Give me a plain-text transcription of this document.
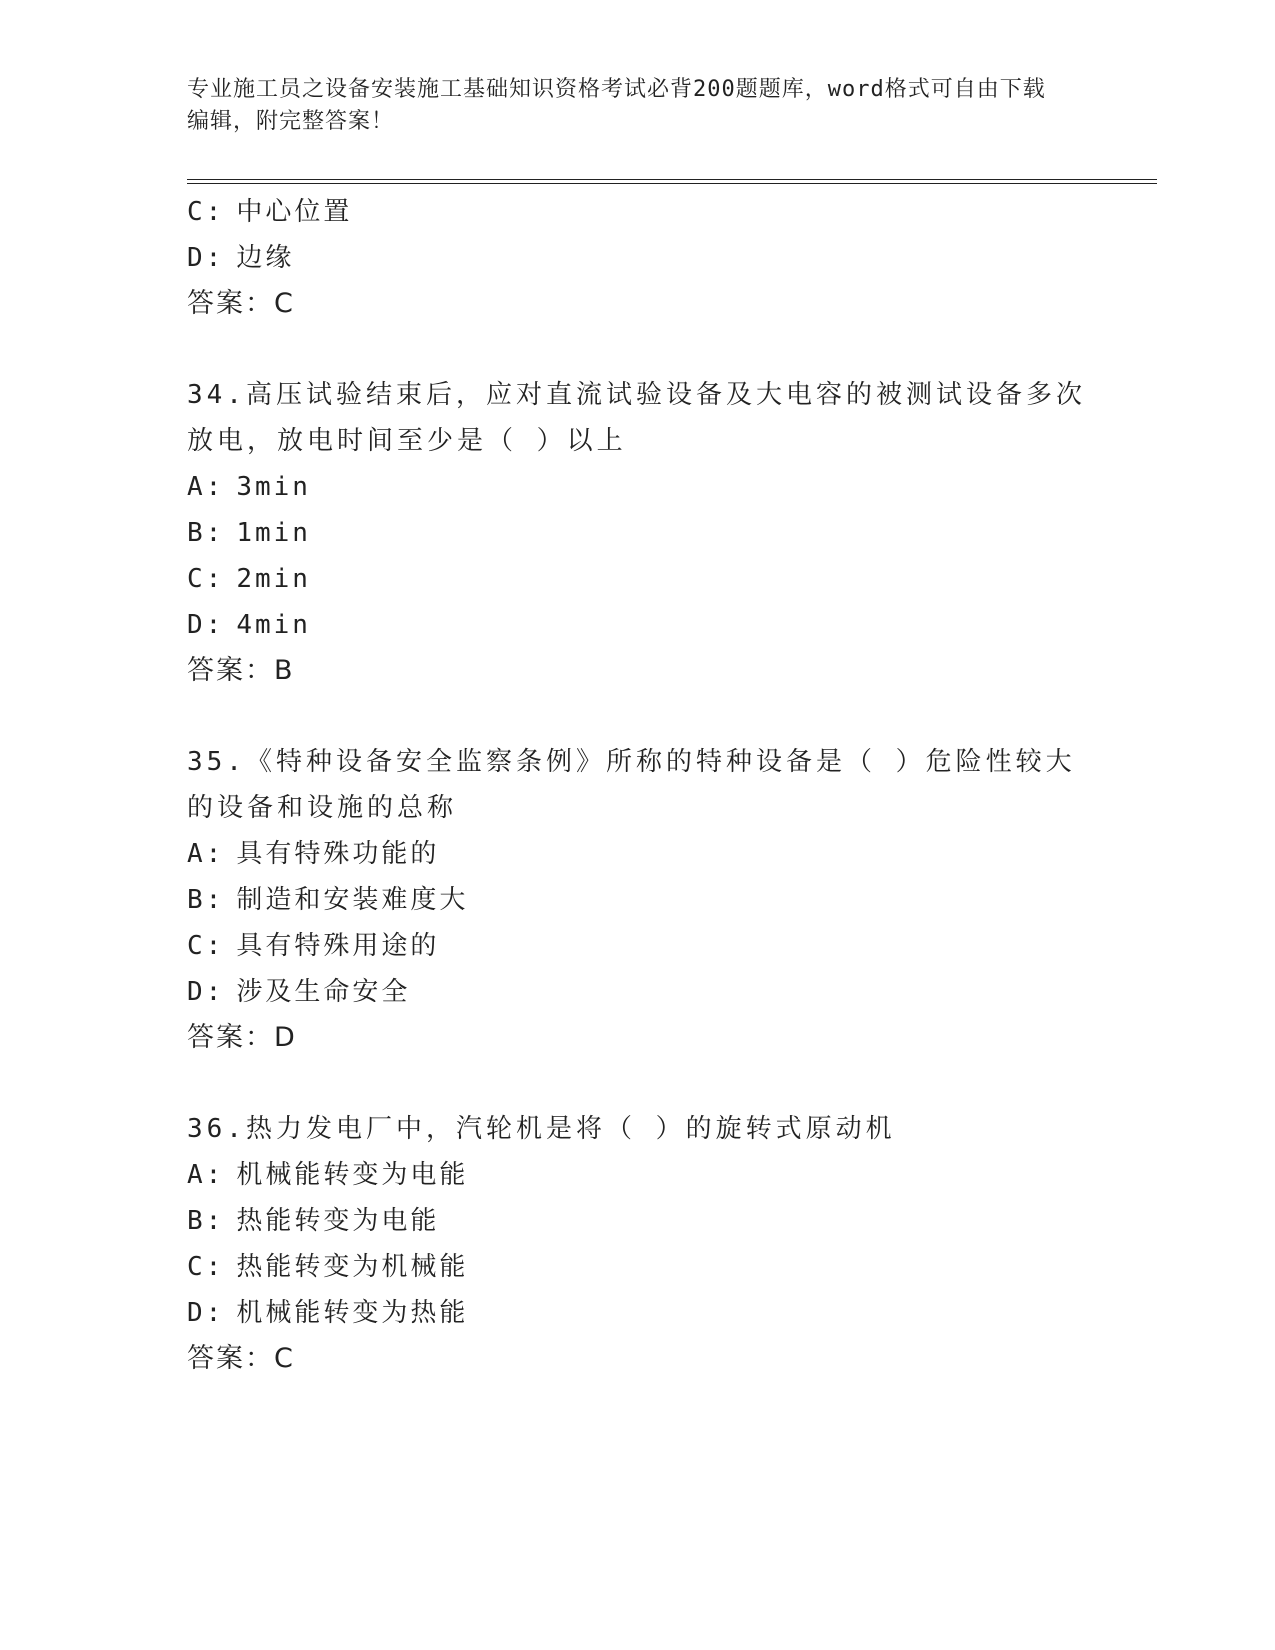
专业施工员之设备安装施工基础知识资格考试必背200题题库，word格式可自由下载编辑，附完整答案！
C: 中心位置
D: 边缘
答案：C
34.高压试验结束后，应对直流试验设备及大电容的被测试设备多次放电，放电时间至少是（ ）以上
A: 3min
B: 1min
C: 2min
D: 4min
答案：B
35.《特种设备安全监察条例》所称的特种设备是（ ）危险性较大的设备和设施的总称
A: 具有特殊功能的
B: 制造和安装难度大
C: 具有特殊用途的
D: 涉及生命安全
答案：D
36.热力发电厂中，汽轮机是将（ ）的旋转式原动机
A: 机械能转变为电能
B: 热能转变为电能
C: 热能转变为机械能
D: 机械能转变为热能
答案：C
